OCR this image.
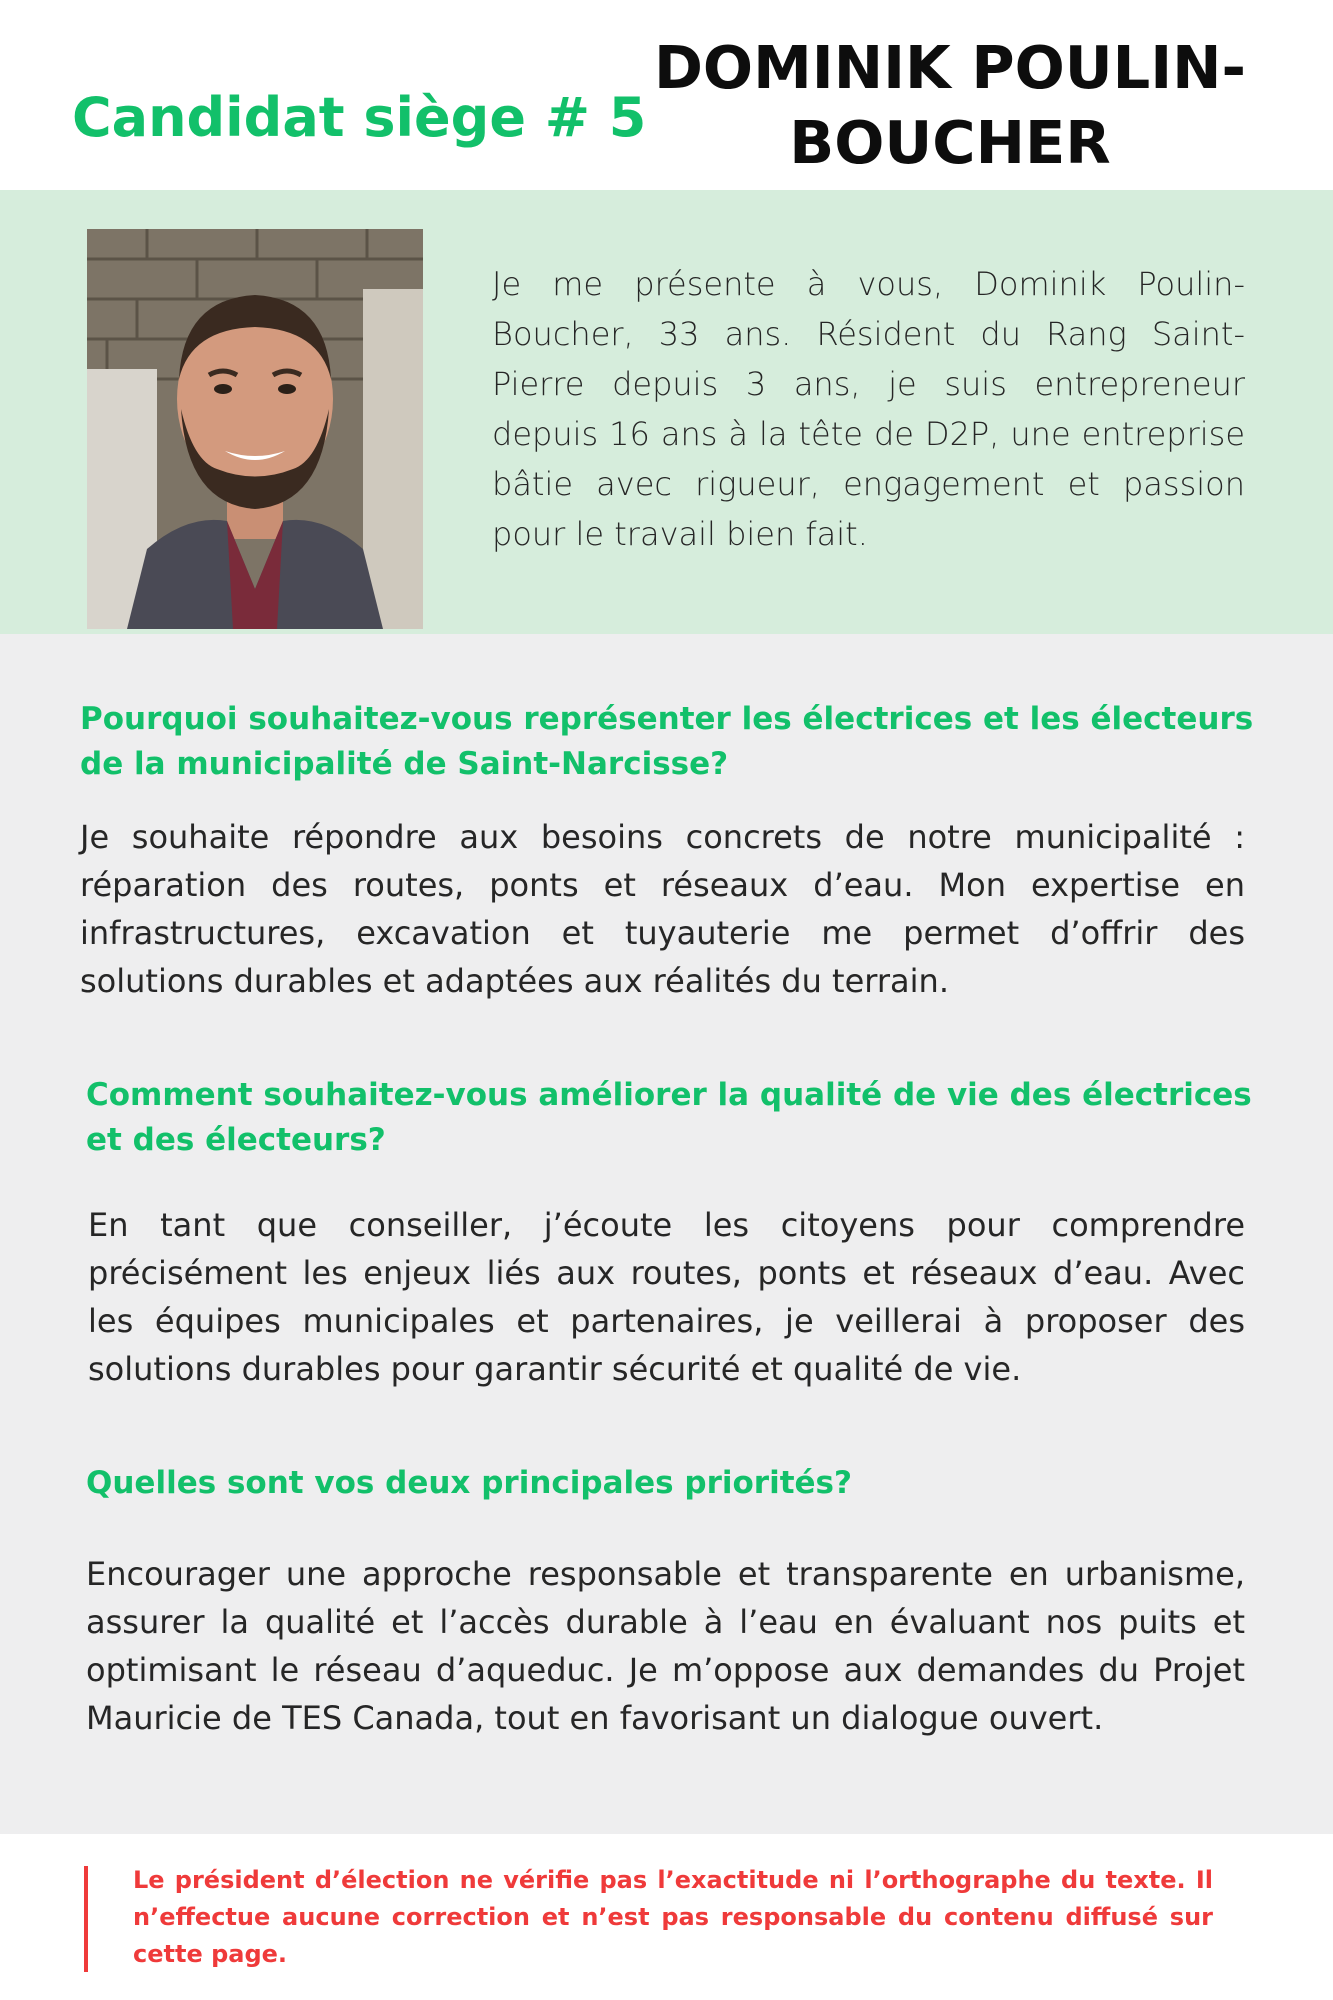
Candidat siège # 5
DOMINIK POULIN-BOUCHER
Je me présente à vous, Dominik Poulin-Boucher, 33 ans. Résident du Rang Saint-Pierre depuis 3 ans, je suis entrepreneur depuis 16 ans à la tête de D2P, une entreprise bâtie avec rigueur, engagement et passion pour le travail bien fait.
Pourquoi souhaitez-vous représenter les électrices et les électeurs de la municipalité de Saint-Narcisse?
Je souhaite répondre aux besoins concrets de notre municipalité : réparation des routes, ponts et réseaux d’eau. Mon expertise en infrastructures, excavation et tuyauterie me permet d’offrir des solutions durables et adaptées aux réalités du terrain.
Comment souhaitez-vous améliorer la qualité de vie des électrices et des électeurs?
En tant que conseiller, j’écoute les citoyens pour comprendre précisément les enjeux liés aux routes, ponts et réseaux d’eau. Avec les équipes municipales et partenaires, je veillerai à proposer des solutions durables pour garantir sécurité et qualité de vie.
Quelles sont vos deux principales priorités?
Encourager une approche responsable et transparente en urbanisme, assurer la qualité et l’accès durable à l’eau en évaluant nos puits et optimisant le réseau d’aqueduc. Je m’oppose aux demandes du Projet Mauricie de TES Canada, tout en favorisant un dialogue ouvert.
Le président d’élection ne vérifie pas l’exactitude ni l’orthographe du texte. Il n’effectue aucune correction et n’est pas responsable du contenu diffusé sur cette page.
